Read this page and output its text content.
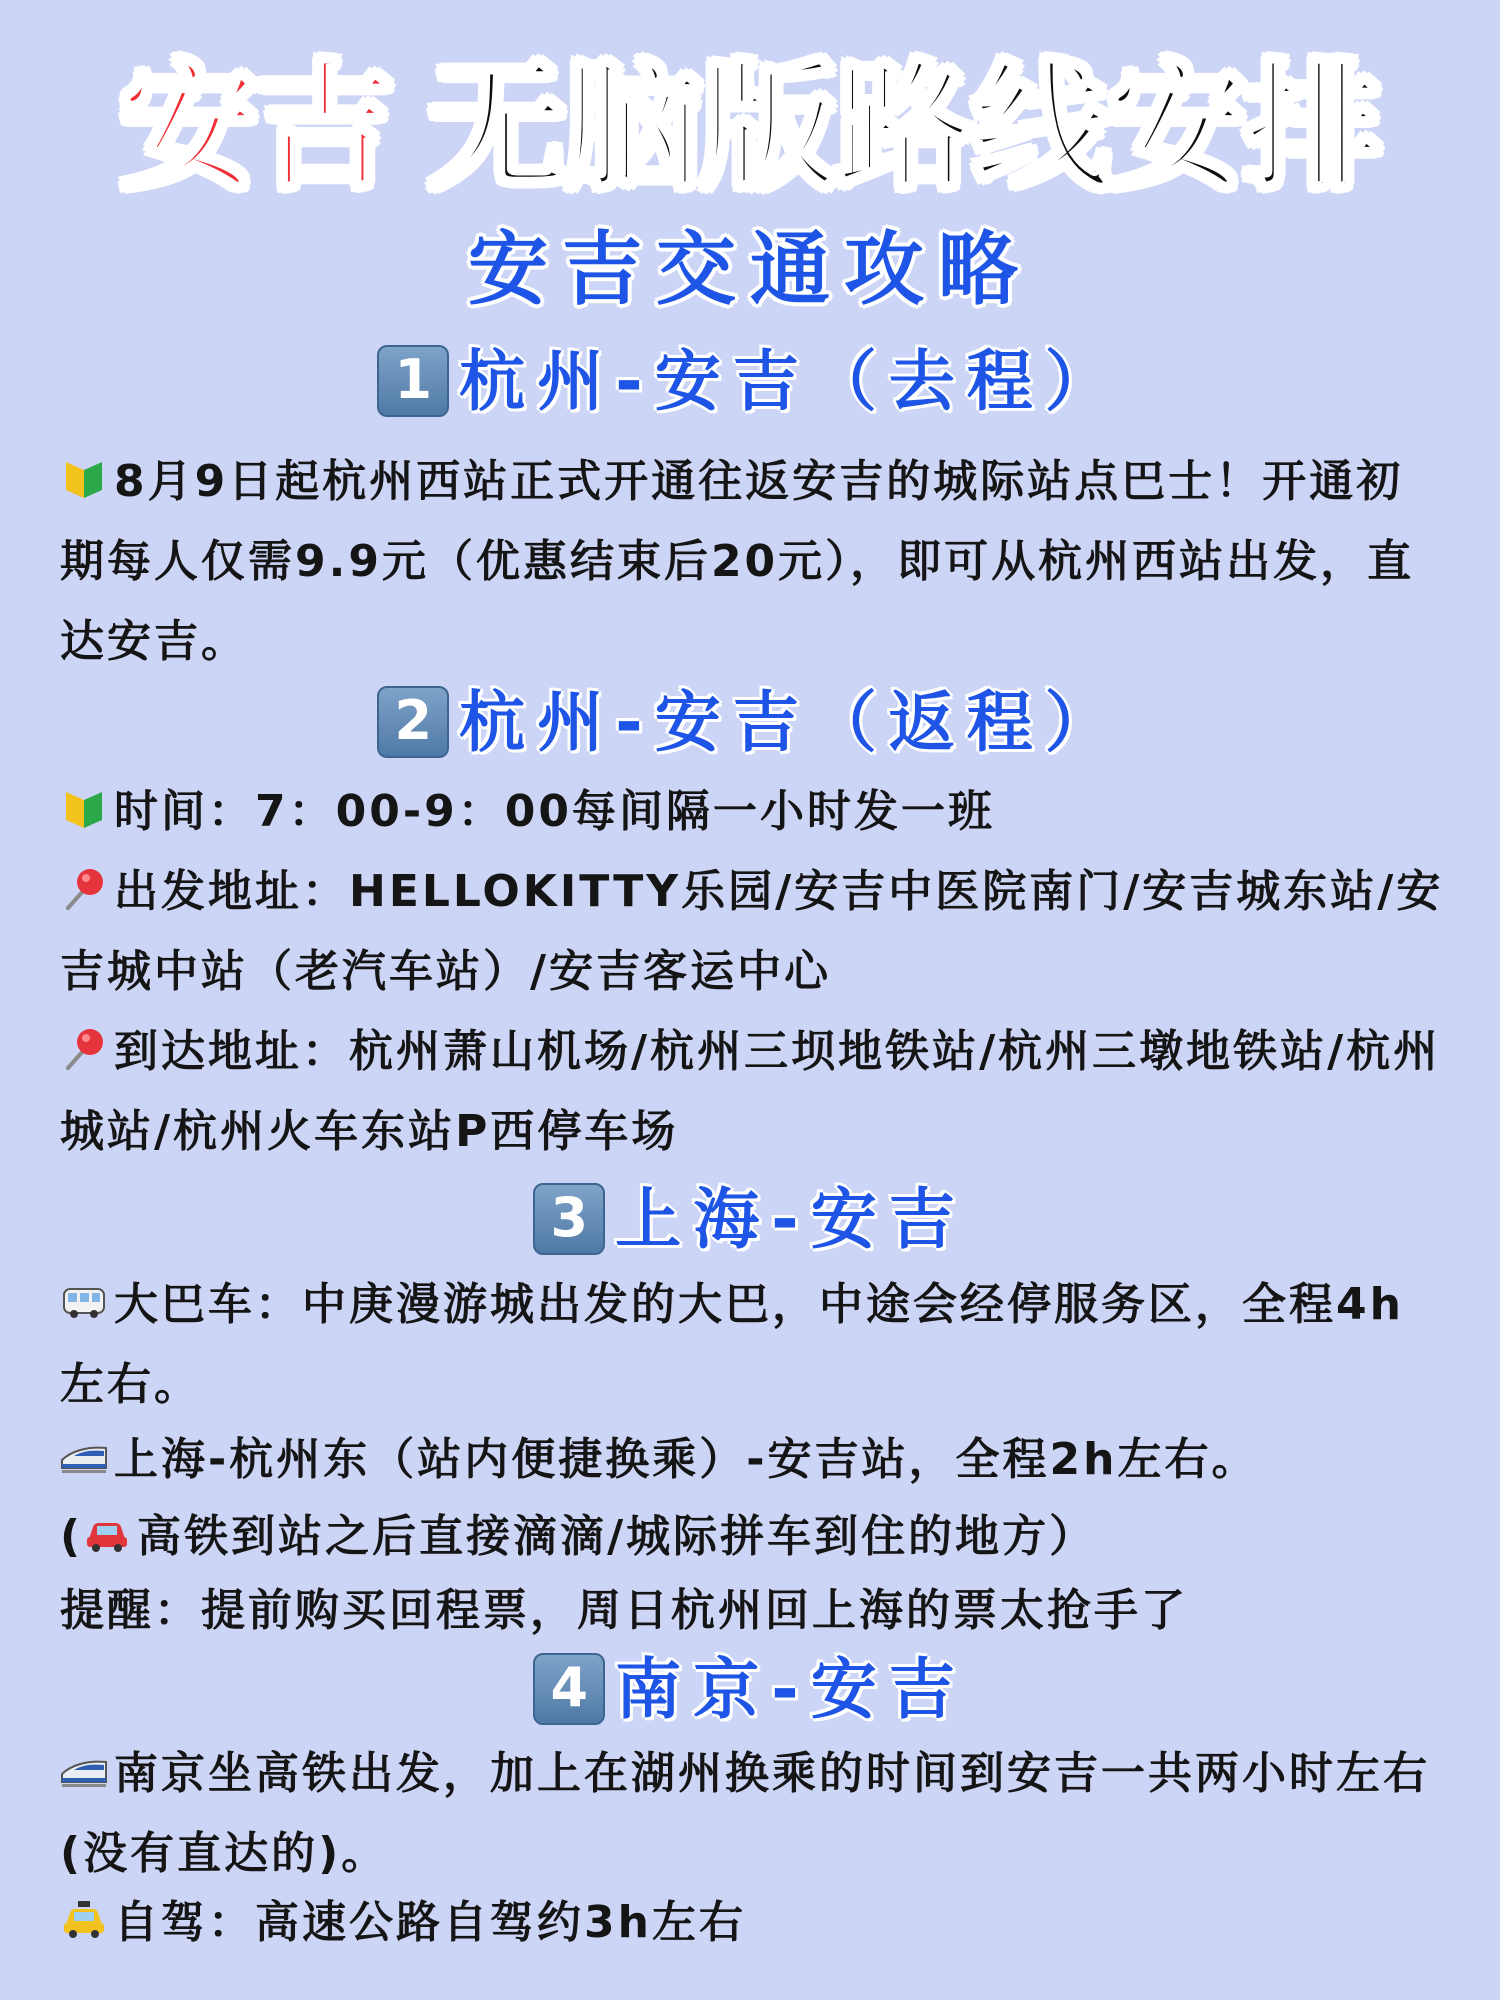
安吉 无脑版路线安排
安吉交通攻略
1 杭州-安吉（去程）
8月9日起杭州西站正式开通往返安吉的城际站点巴士！开通初期每人仅需9.9元（优惠结束后20元），即可从杭州西站出发，直达安吉。
2 杭州-安吉（返程）
时间：7：00-9：00每间隔一小时发一班
出发地址：HELLOKITTY乐园/安吉中医院南门/安吉城东站/安吉城中站（老汽车站）/安吉客运中心
到达地址：杭州萧山机场/杭州三坝地铁站/杭州三墩地铁站/杭州城站/杭州火车东站P西停车场
3 上海-安吉
大巴车：中庚漫游城出发的大巴，中途会经停服务区，全程4h左右。
上海-杭州东（站内便捷换乘）-安吉站，全程2h左右。
( 高铁到站之后直接滴滴/城际拼车到住的地方）
提醒：提前购买回程票，周日杭州回上海的票太抢手了
4 南京-安吉
南京坐高铁出发，加上在湖州换乘的时间到安吉一共两小时左右(没有直达的)。
自驾：高速公路自驾约3h左右
